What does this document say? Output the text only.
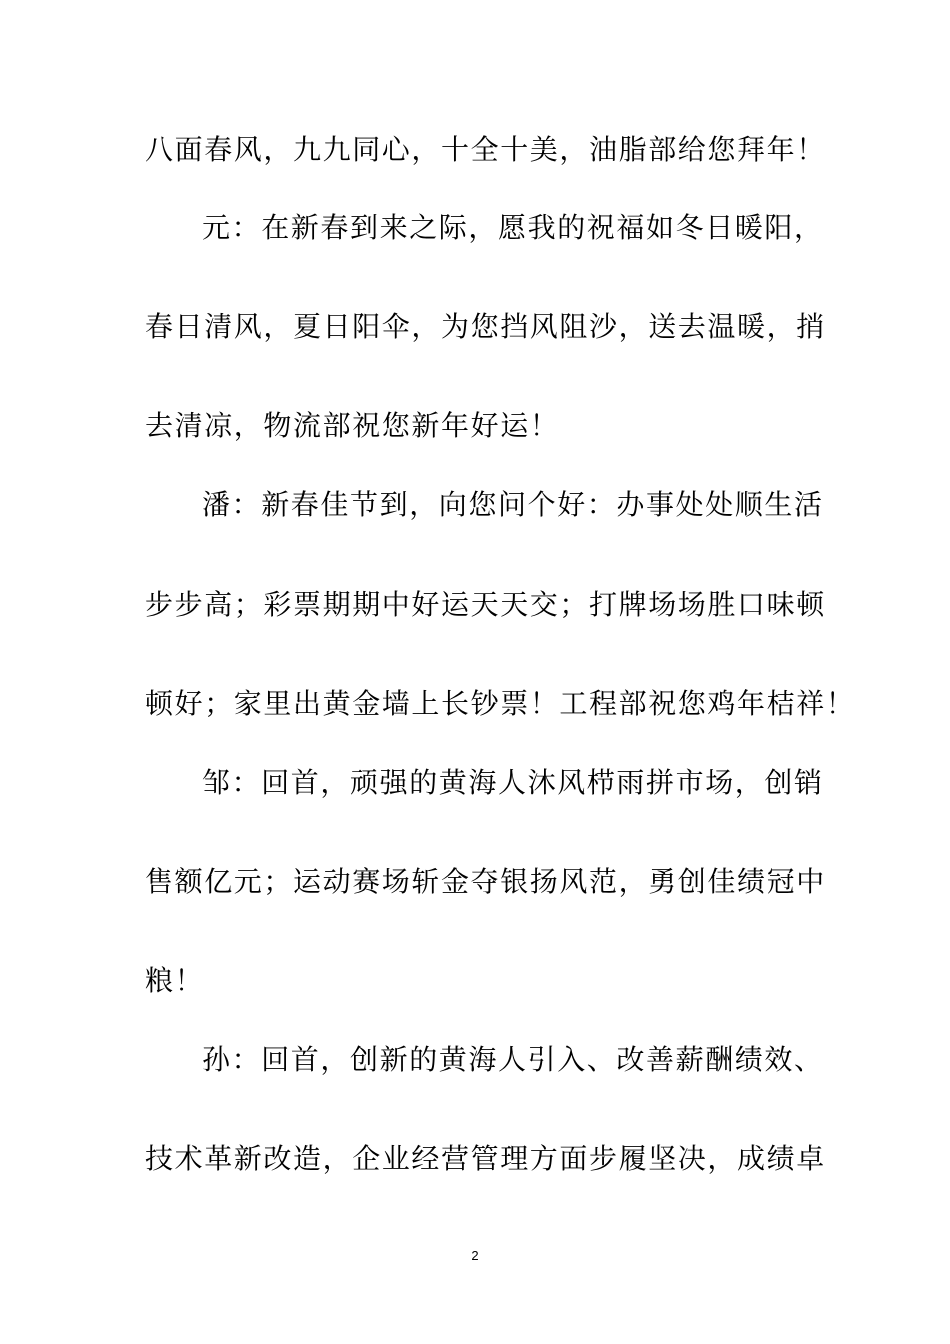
八面春风，九九同心，十全十美，油脂部给您拜年！
元：在新春到来之际，愿我的祝福如冬日暖阳，
春日清风，夏日阳伞，为您挡风阻沙，送去温暖，捎
去清凉，物流部祝您新年好运！
潘：新春佳节到，向您问个好：办事处处顺生活
步步高；彩票期期中好运天天交；打牌场场胜口味顿
顿好；家里出黄金墙上长钞票！工程部祝您鸡年桔祥！
邹：回首，顽强的黄海人沐风栉雨拼市场，创销
售额亿元；运动赛场斩金夺银扬风范，勇创佳绩冠中
粮！
孙：回首，创新的黄海人引入、改善薪酬绩效、
技术革新改造，企业经营管理方面步履坚决，成绩卓
2
